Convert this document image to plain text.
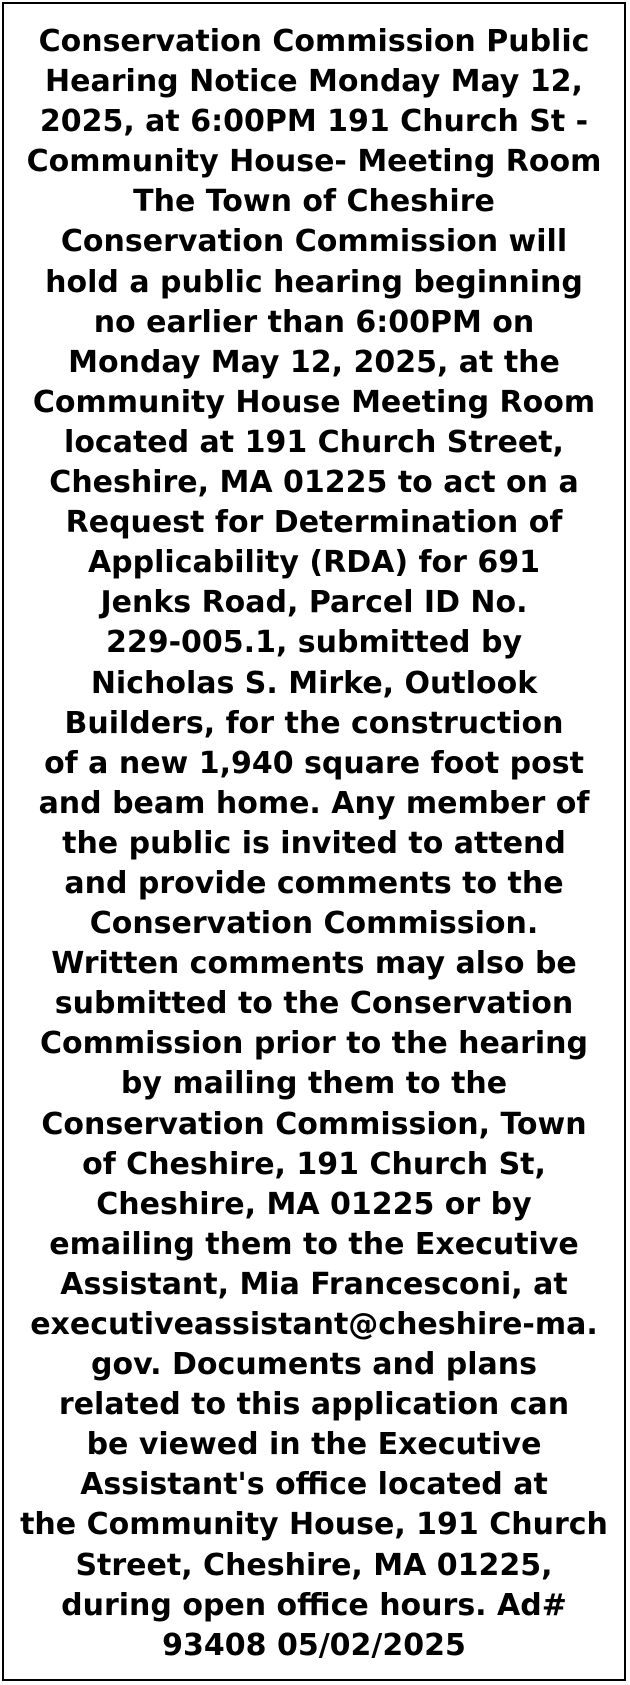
Conservation Commission Public
Hearing Notice Monday May 12,
2025, at 6:00PM 191 Church St -
Community House- Meeting Room
The Town of Cheshire
Conservation Commission will
hold a public hearing beginning
no earlier than 6:00PM on
Monday May 12, 2025, at the
Community House Meeting Room
located at 191 Church Street,
Cheshire, MA 01225 to act on a
Request for Determination of
Applicability (RDA) for 691
Jenks Road, Parcel ID No.
229-005.1, submitted by
Nicholas S. Mirke, Outlook
Builders, for the construction
of a new 1,940 square foot post
and beam home. Any member of
the public is invited to attend
and provide comments to the
Conservation Commission.
Written comments may also be
submitted to the Conservation
Commission prior to the hearing
by mailing them to the
Conservation Commission, Town
of Cheshire, 191 Church St,
Cheshire, MA 01225 or by
emailing them to the Executive
Assistant, Mia Francesconi, at
executiveassistant@cheshire-ma.
gov. Documents and plans
related to this application can
be viewed in the Executive
Assistant's office located at
the Community House, 191 Church
Street, Cheshire, MA 01225,
during open office hours. Ad#
93408 05/02/2025
